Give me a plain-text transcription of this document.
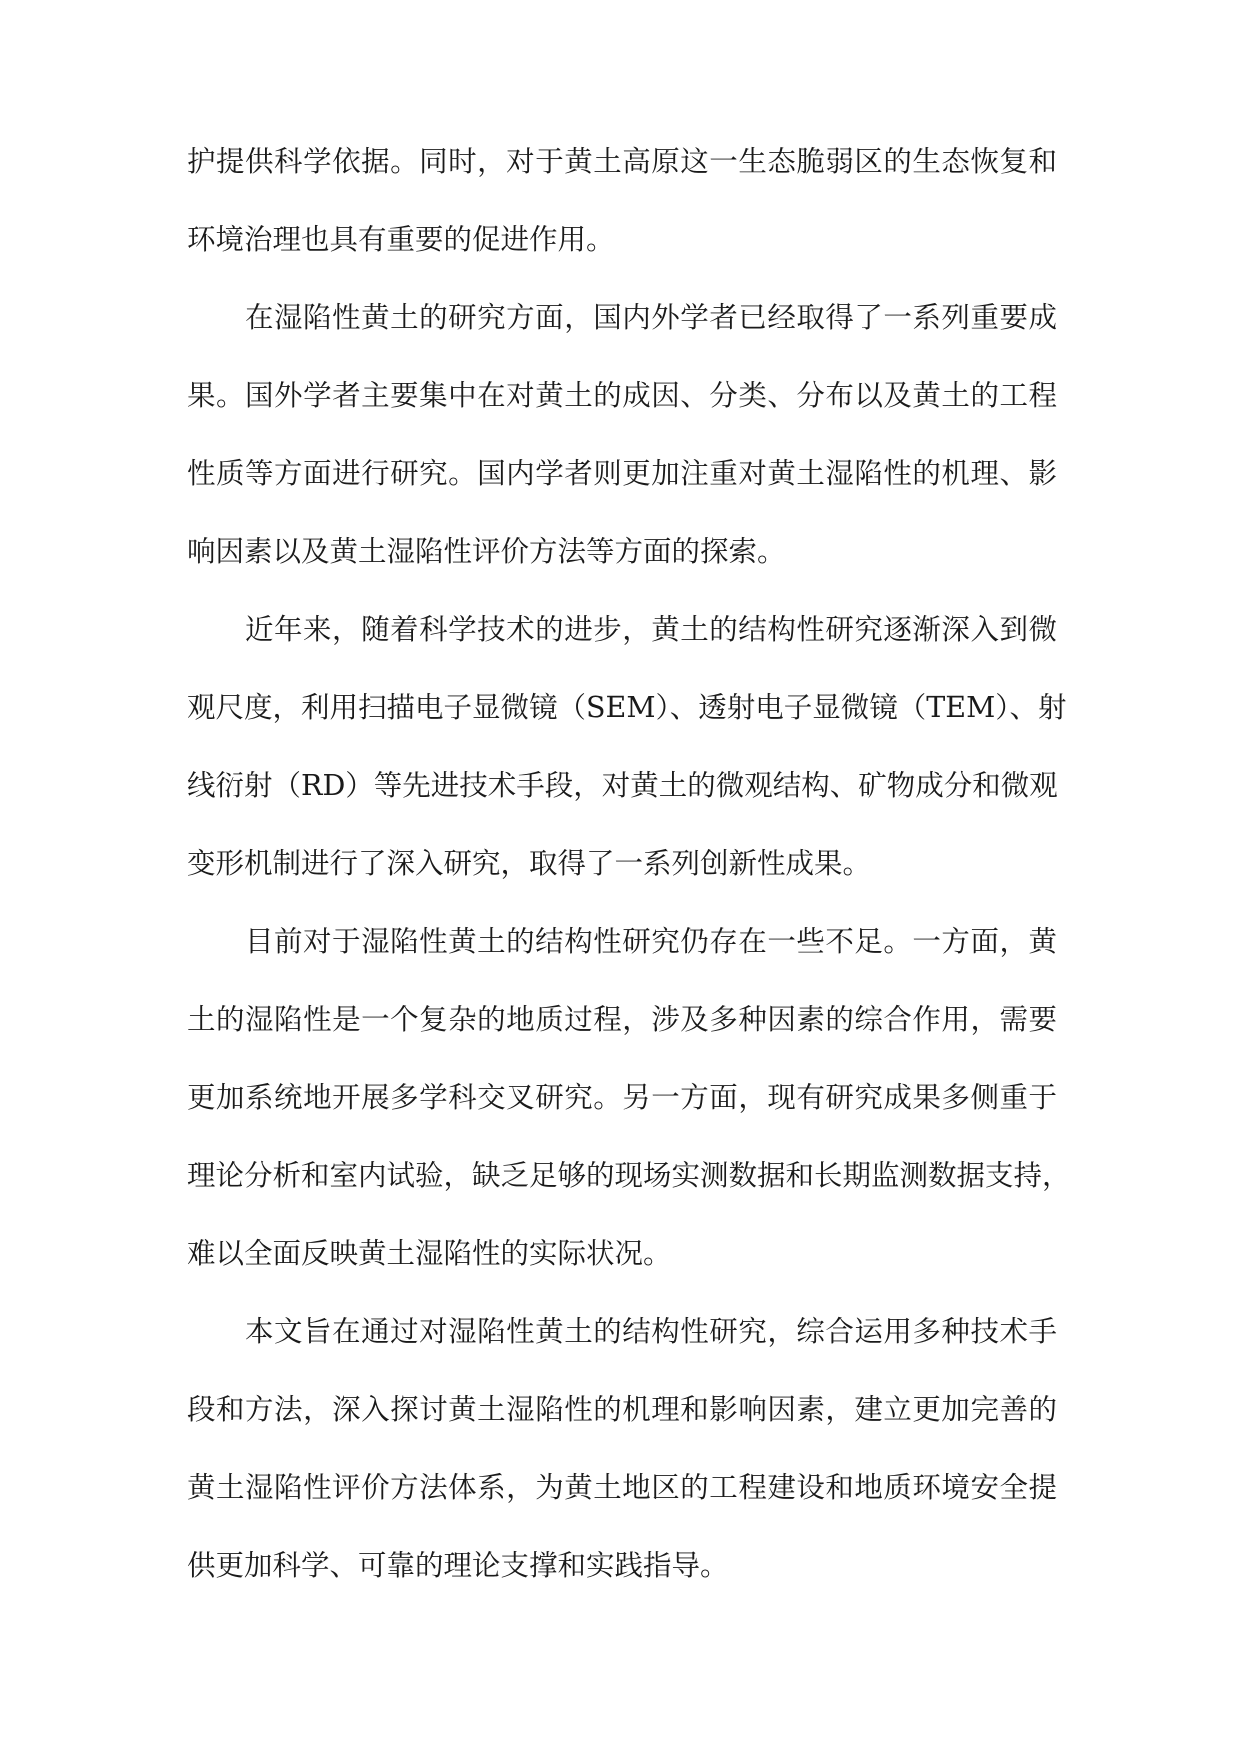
护提供科学依据。同时，对于黄土高原这一生态脆弱区的生态恢复和
环境治理也具有重要的促进作用。
在湿陷性黄土的研究方面，国内外学者已经取得了一系列重要成
果。国外学者主要集中在对黄土的成因、分类、分布以及黄土的工程
性质等方面进行研究。国内学者则更加注重对黄土湿陷性的机理、影
响因素以及黄土湿陷性评价方法等方面的探索。
近年来，随着科学技术的进步，黄土的结构性研究逐渐深入到微
观尺度，利用扫描电子显微镜（SEM）、透射电子显微镜（TEM）、射
线衍射（RD）等先进技术手段，对黄土的微观结构、矿物成分和微观
变形机制进行了深入研究，取得了一系列创新性成果。
目前对于湿陷性黄土的结构性研究仍存在一些不足。一方面，黄
土的湿陷性是一个复杂的地质过程，涉及多种因素的综合作用，需要
更加系统地开展多学科交叉研究。另一方面，现有研究成果多侧重于
理论分析和室内试验，缺乏足够的现场实测数据和长期监测数据支持，
难以全面反映黄土湿陷性的实际状况。
本文旨在通过对湿陷性黄土的结构性研究，综合运用多种技术手
段和方法，深入探讨黄土湿陷性的机理和影响因素，建立更加完善的
黄土湿陷性评价方法体系，为黄土地区的工程建设和地质环境安全提
供更加科学、可靠的理论支撑和实践指导。
